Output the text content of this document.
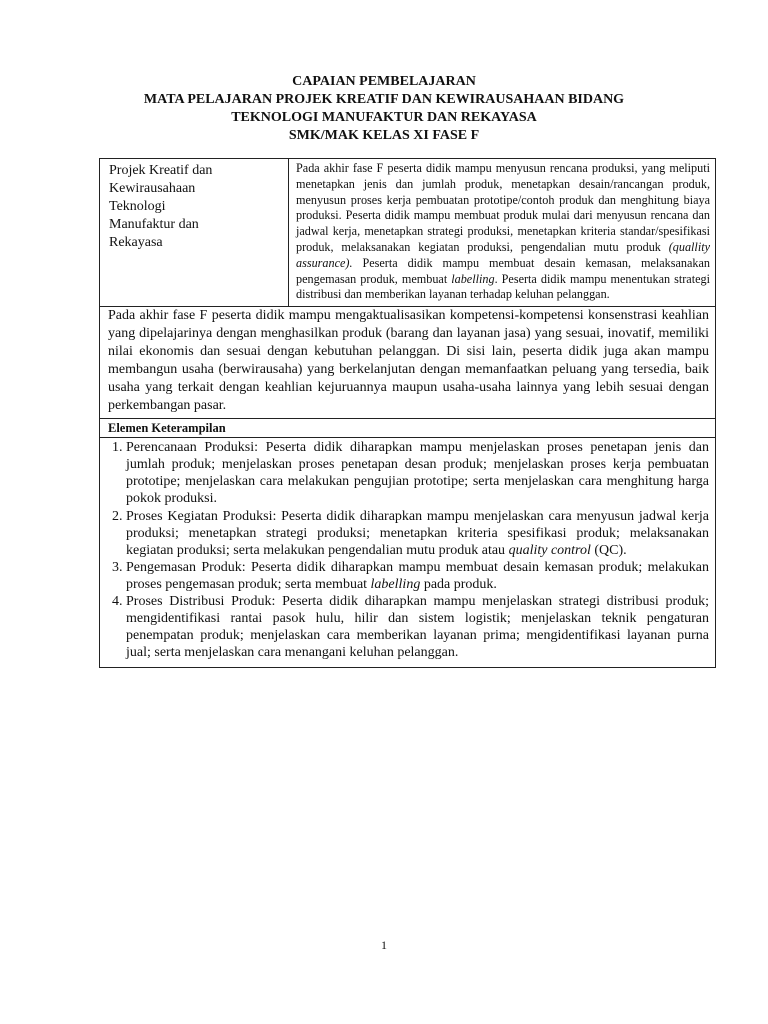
CAPAIAN PEMBELAJARAN
MATA PELAJARAN PROJEK KREATIF DAN KEWIRAUSAHAAN BIDANG
TEKNOLOGI MANUFAKTUR DAN REKAYASA
SMK/MAK KELAS XI FASE F
Projek Kreatif dan
Kewirausahaan
Teknologi
Manufaktur dan
Rekayasa
	Pada akhir fase F peserta didik mampu menyusun rencana produksi, yang meliputi menetapkan jenis dan jumlah produk, menetapkan desain/rancangan produk, menyusun proses kerja pembuatan prototipe/contoh produk dan menghitung biaya produksi. Peserta didik mampu membuat produk mulai dari menyusun rencana dan jadwal kerja, menetapkan strategi produksi, menetapkan kriteria standar/spesifikasi produk, melaksanakan kegiatan produksi, pengendalian mutu produk (quallity assurance). Peserta didik mampu membuat desain kemasan, melaksanakan pengemasan produk, membuat labelling. Peserta didik mampu menentukan strategi distribusi dan memberikan layanan terhadap keluhan pelanggan.
Pada akhir fase F peserta didik mampu mengaktualisasikan kompetensi-kompetensi konsenstrasi keahlian yang dipelajarinya dengan menghasilkan produk (barang dan layanan jasa) yang sesuai, inovatif, memiliki nilai ekonomis dan sesuai dengan kebutuhan pelanggan. Di sisi lain, peserta didik juga akan mampu membangun usaha (berwirausaha) yang berkelanjutan dengan memanfaatkan peluang yang tersedia, baik usaha yang terkait dengan keahlian kejuruannya maupun usaha-usaha lainnya yang lebih sesuai dengan perkembangan pasar.
Elemen Keterampilan

1. Perencanaan Produksi: Peserta didik diharapkan mampu menjelaskan proses penetapan jenis dan jumlah produk; menjelaskan proses penetapan desan produk; menjelaskan proses kerja pembuatan prototipe; menjelaskan cara melakukan pengujian prototipe; serta menjelaskan cara menghitung harga pokok produksi.
2. Proses Kegiatan Produksi: Peserta didik diharapkan mampu menjelaskan cara menyusun jadwal kerja produksi; menetapkan strategi produksi; menetapkan kriteria spesifikasi produk; melaksanakan kegiatan produksi; serta melakukan pengendalian mutu produk atau quality control (QC).
3. Pengemasan Produk: Peserta didik diharapkan mampu membuat desain kemasan produk; melakukan proses pengemasan produk; serta membuat labelling pada produk.
4. Proses Distribusi Produk: Peserta didik diharapkan mampu menjelaskan strategi distribusi produk; mengidentifikasi rantai pasok hulu, hilir dan sistem logistik; menjelaskan teknik pengaturan penempatan produk; menjelaskan cara memberikan layanan prima; mengidentifikasi layanan purna jual; serta menjelaskan cara menangani keluhan pelanggan.
1
